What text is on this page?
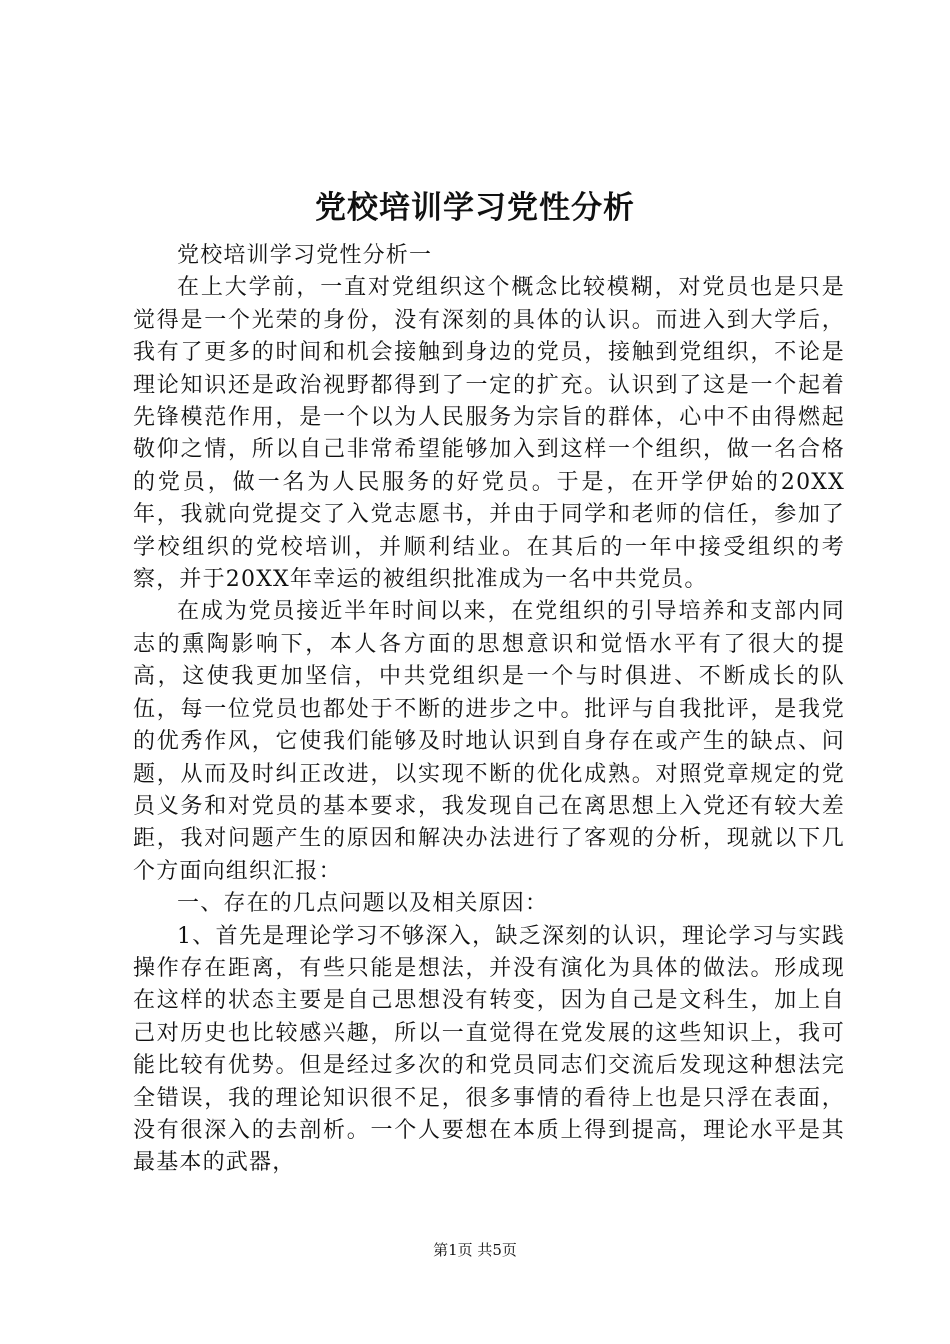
党校培训学习党性分析

党校培训学习党性分析一

在上大学前，一直对党组织这个概念比较模糊，对党员也是只是觉得是一个光荣的身份，没有深刻的具体的认识。而进入到大学后，我有了更多的时间和机会接触到身边的党员，接触到党组织，不论是理论知识还是政治视野都得到了一定的扩充。认识到了这是一个起着先锋模范作用，是一个以为人民服务为宗旨的群体，心中不由得燃起敬仰之情，所以自己非常希望能够加入到这样一个组织，做一名合格的党员，做一名为人民服务的好党员。于是，在开学伊始的20XX年，我就向党提交了入党志愿书，并由于同学和老师的信任，参加了学校组织的党校培训，并顺利结业。在其后的一年中接受组织的考察，并于20XX年幸运的被组织批准成为一名中共党员。

在成为党员接近半年时间以来，在党组织的引导培养和支部内同志的熏陶影响下，本人各方面的思想意识和觉悟水平有了很大的提高，这使我更加坚信，中共党组织是一个与时俱进、不断成长的队伍，每一位党员也都处于不断的进步之中。批评与自我批评，是我党的优秀作风，它使我们能够及时地认识到自身存在或产生的缺点、问题，从而及时纠正改进，以实现不断的优化成熟。对照党章规定的党员义务和对党员的基本要求，我发现自己在离思想上入党还有较大差距，我对问题产生的原因和解决办法进行了客观的分析，现就以下几个方面向组织汇报：

一、存在的几点问题以及相关原因：

1、首先是理论学习不够深入，缺乏深刻的认识，理论学习与实践操作存在距离，有些只能是想法，并没有演化为具体的做法。形成现在这样的状态主要是自己思想没有转变，因为自己是文科生，加上自己对历史也比较感兴趣，所以一直觉得在党发展的这些知识上，我可能比较有优势。但是经过多次的和党员同志们交流后发现这种想法完全错误，我的理论知识很不足，很多事情的看待上也是只浮在表面，没有很深入的去剖析。一个人要想在本质上得到提高，理论水平是其最基本的武器，

第1页 共5页
